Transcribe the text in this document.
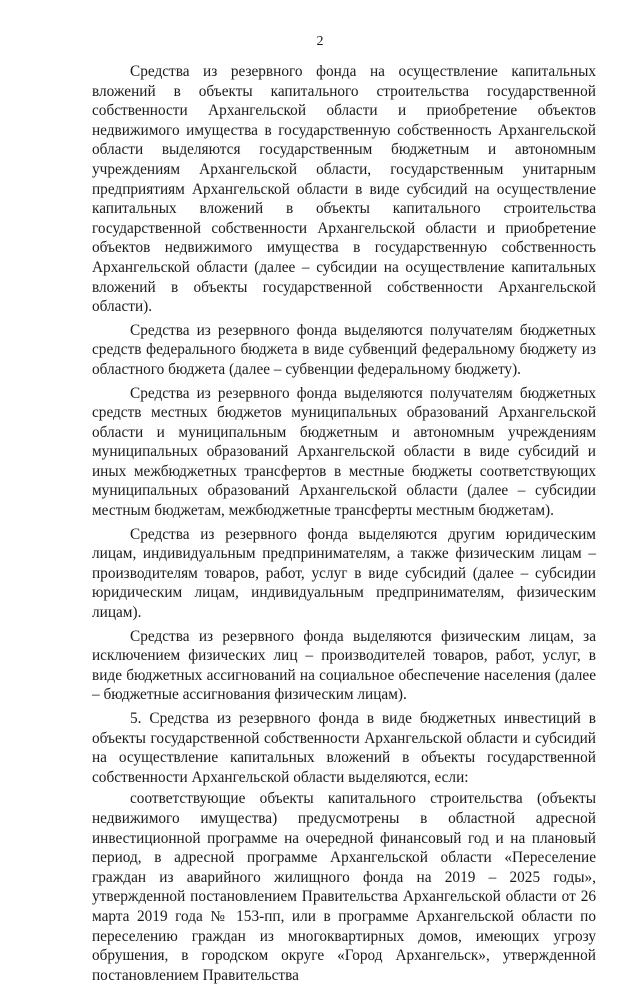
2

Средства из резервного фонда на осуществление капитальных вложений в объекты капитального строительства государственной собственности Архангельской области и приобретение объектов недвижимого имущества в государственную собственность Архангельской области выделяются государственным бюджетным и автономным учреждениям Архангельской области, государственным унитарным предприятиям Архангельской области в виде субсидий на осуществление капитальных вложений в объекты капитального строительства государственной собственности Архангельской области и приобретение объектов недвижимого имущества в государственную собственность Архангельской области (далее – субсидии на осуществление капитальных вложений в объекты государственной собственности Архангельской области).

Средства из резервного фонда выделяются получателям бюджетных средств федерального бюджета в виде субвенций федеральному бюджету из областного бюджета (далее – субвенции федеральному бюджету).

Средства из резервного фонда выделяются получателям бюджетных средств местных бюджетов муниципальных образований Архангельской области и муниципальным бюджетным и автономным учреждениям муниципальных образований Архангельской области в виде субсидий и иных межбюджетных трансфертов в местные бюджеты соответствующих муниципальных образований Архангельской области (далее – субсидии местным бюджетам, межбюджетные трансферты местным бюджетам).

Средства из резервного фонда выделяются другим юридическим лицам, индивидуальным предпринимателям, а также физическим лицам – производителям товаров, работ, услуг в виде субсидий (далее – субсидии юридическим лицам, индивидуальным предпринимателям, физическим лицам).

Средства из резервного фонда выделяются физическим лицам, за исключением физических лиц – производителей товаров, работ, услуг, в виде бюджетных ассигнований на социальное обеспечение населения (далее – бюджетные ассигнования физическим лицам).

5. Средства из резервного фонда в виде бюджетных инвестиций в объекты государственной собственности Архангельской области и субсидий на осуществление капитальных вложений в объекты государственной собственности Архангельской области выделяются, если:

соответствующие объекты капитального строительства (объекты недвижимого имущества) предусмотрены в областной адресной инвестиционной программе на очередной финансовый год и на плановый период, в адресной программе Архангельской области «Переселение граждан из аварийного жилищного фонда на 2019 – 2025 годы», утвержденной постановлением Правительства Архангельской области от 26 марта 2019 года № 153-пп, или в программе Архангельской области по переселению граждан из многоквартирных домов, имеющих угрозу обрушения, в городском округе «Город Архангельск», утвержденной постановлением Правительства
